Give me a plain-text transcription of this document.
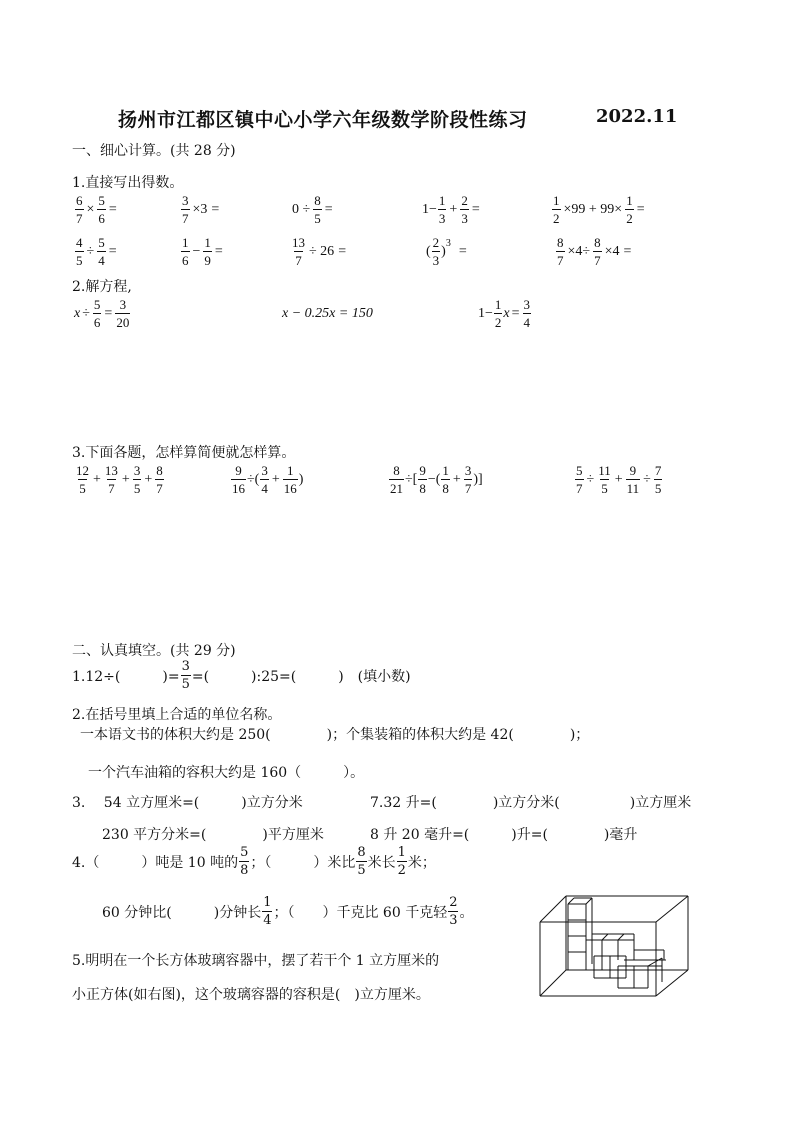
扬州市江都区镇中心小学六年级数学阶段性练习	2022.11
一、细心计算。(共 28 分)
1.直接写出得数。
$\frac{6}{7} \times \frac{5}{6}$ =	$\frac{3}{7} \times 3$ =	$0 \div \frac{8}{5}$ =	$1- \frac{1}{3} + \frac{2}{3}$ =	$\frac{1}{2} \times 99 + 99\times \frac{1}{2}$ =
$\frac{4}{5} \div \frac{5}{4}$ =	$\frac{1}{6} - \frac{1}{9}$ =	$\frac{13}{7} \div 26$ =	( $\frac{2}{3}$ ) 3 =	$\frac{8}{7} \times 4\div \frac{8}{7} \times 4$ =
2.解方程,
$x \div \frac{5}{6} = \frac{3}{20}$	x − 0.25x = 150	$1- \frac{1}{2}$ $x = \frac{3}{4}$
3.下面各题，怎样算简便就怎样算。
$\frac{12}{5} + \frac{13}{7} + \frac{3}{5} + \frac{8}{7}$	$\frac{9}{16}$ ÷( $\frac{3}{4} + \frac{1}{16}$ )	$\frac{8}{21}$ ÷[ $\frac{9}{8}$ −( $\frac{1}{8} + \frac{3}{7}$ )]	$\frac{5}{7} \div \frac{11}{5} + \frac{9}{11} \div \frac{7}{5}$
二、认真填空。(共 29 分)
1.12÷(　　　)= $\frac{3}{5}$ =(　　　):25=(　　　)　(填小数)
2.在括号里填上合适的单位名称。
一本语文书的体积大约是 250(　　　　)；个集装箱的体积大约是 42(　　　　)；
一个汽车油箱的容积大约是 160（　　　）。
3.　 54 立方厘米=(　　　)立方分米	7.32 升=(　　　　)立方分米(　　　　　)立方厘米
230 平方分米=(　　　　)平方厘米	8 升 20 毫升=(　　　)升=(　　　　)毫升
4.（　　　）吨是 10 吨的 $\frac{5}{8}$ ；（　　　）米比 $\frac{8}{5}$ 米长 $\frac{1}{2}$ 米；
60 分钟比(　　　)分钟长 $\frac{1}{4}$ ；（　　）千克比 60 千克轻 $\frac{2}{3}$ 。
5.明明在一个长方体玻璃容器中，摆了若干个 1 立方厘米的
小正方体(如右图)，这个玻璃容器的容积是(　)立方厘米。
